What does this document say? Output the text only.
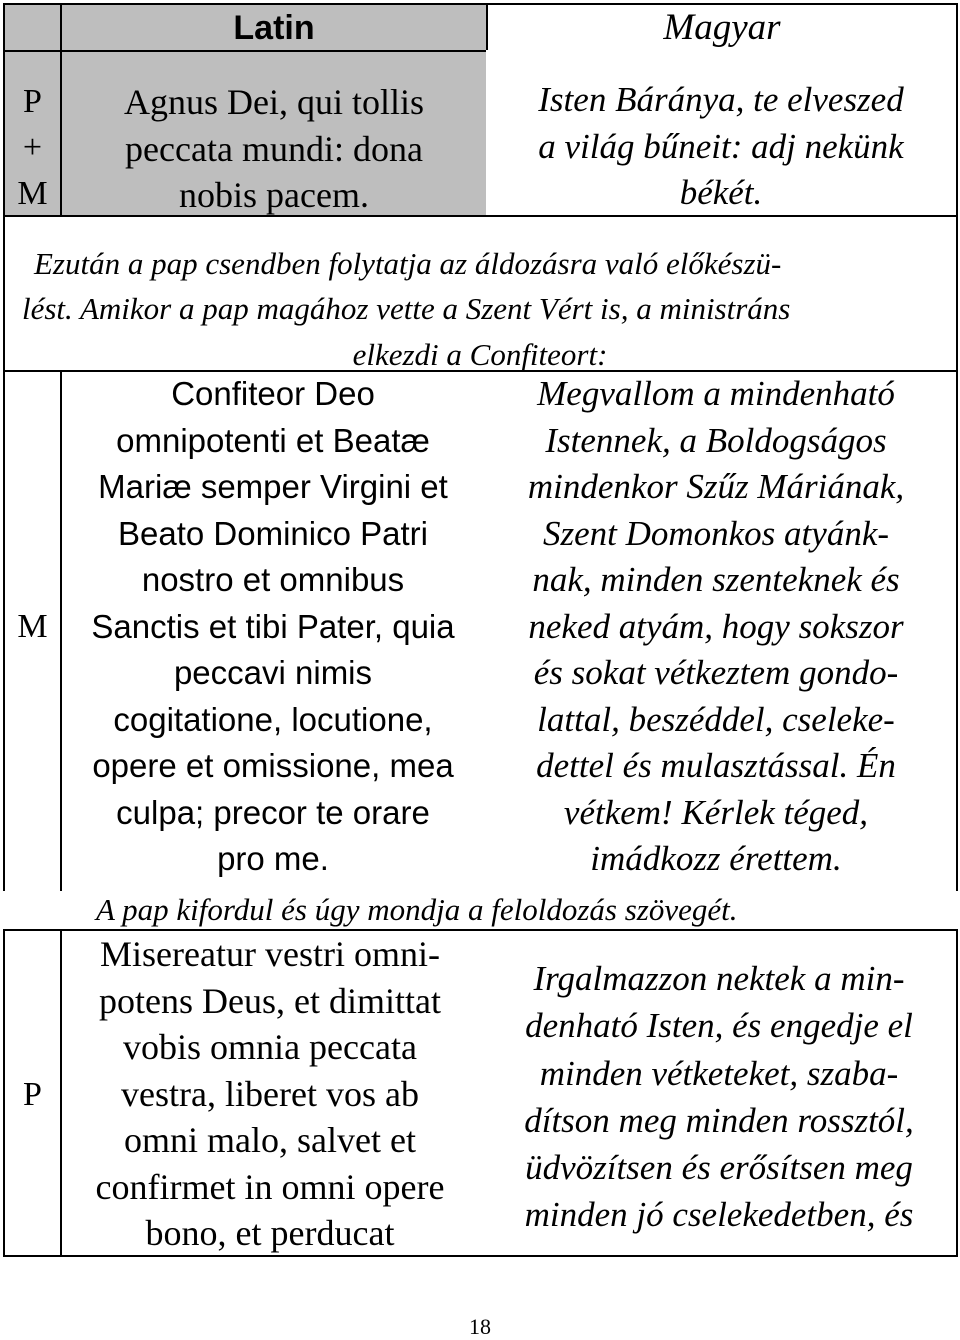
Latin	Magyar
P
+
M
Agnus Dei, qui tollis
peccata mundi: dona
nobis pacem.
Isten Báránya, te elveszed
a világ bűneit: adj nekünk
békét.
Ezután a pap csendben folytatja az áldozásra való előkészü-
lést. Amikor a pap magához vette a Szent Vért is, a ministráns
elkezdi a Confiteort:
M
Confiteor Deo
omnipotenti et Beatæ
Mariæ semper Virgini et
Beato Dominico Patri
nostro et omnibus
Sanctis et tibi Pater, quia
peccavi nimis
cogitatione, locutione,
opere et omissione, mea
culpa; precor te orare
pro me.
Megvallom a mindenható
Istennek, a Boldogságos
mindenkor Szűz Máriának,
Szent Domonkos atyánk-
nak, minden szenteknek és
neked atyám, hogy sokszor
és sokat vétkeztem gondo-
lattal, beszéddel, cseleke-
dettel és mulasztással. Én
vétkem! Kérlek téged,
imádkozz érettem.
A pap kifordul és úgy mondja a feloldozás szövegét.
P
Misereatur vestri omni-
potens Deus, et dimittat
vobis omnia peccata
vestra, liberet vos ab
omni malo, salvet et
confirmet in omni opere
bono, et perducat
Irgalmazzon nektek a min-
denható Isten, és engedje el
minden vétketeket, szaba-
dítson meg minden rossztól,
üdvözítsen és erősítsen meg
minden jó cselekedetben, és
18
